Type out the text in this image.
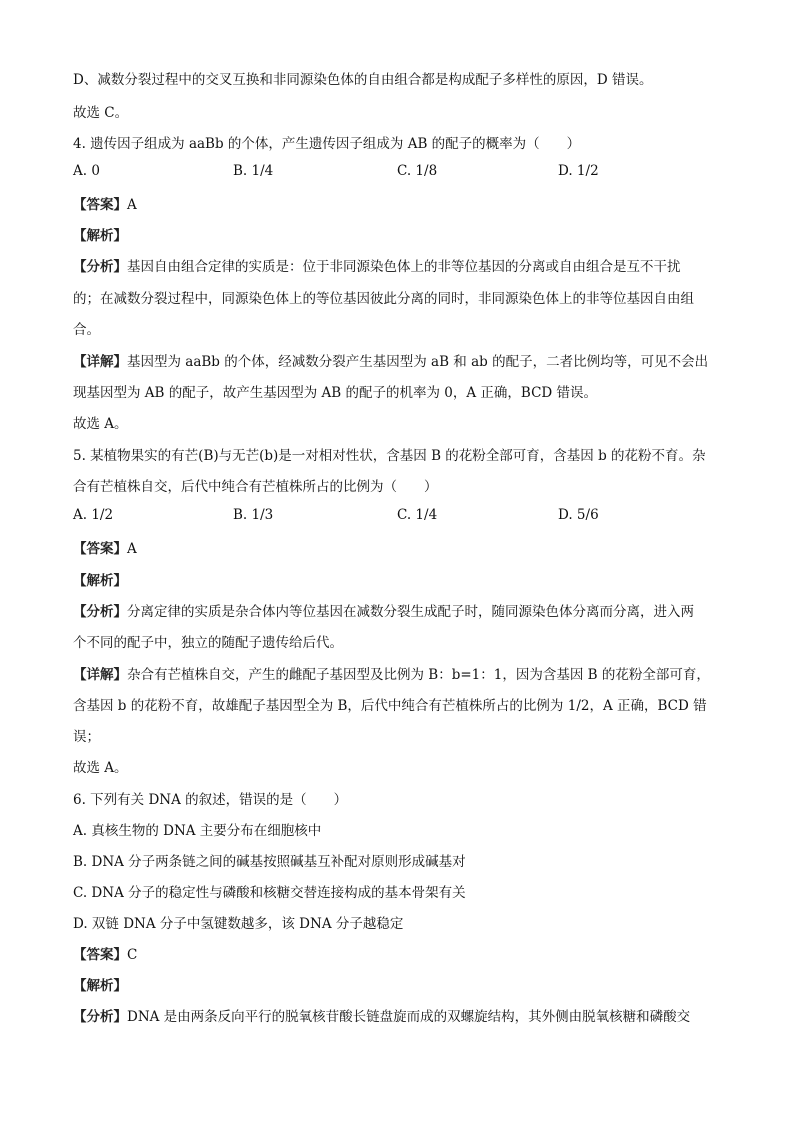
D、减数分裂过程中的交叉互换和非同源染色体的自由组合都是构成配子多样性的原因，D 错误。
故选 C。
4. 遗传因子组成为 aaBb 的个体，产生遗传因子组成为 AB 的配子的概率为（　　）
A. 0	B. 1/4	C. 1/8	D. 1/2
【答案】A
【解析】
【分析】基因自由组合定律的实质是：位于非同源染色体上的非等位基因的分离或自由组合是互不干扰
的；在减数分裂过程中，同源染色体上的等位基因彼此分离的同时，非同源染色体上的非等位基因自由组
合。
【详解】基因型为 aaBb 的个体，经减数分裂产生基因型为 aB 和 ab 的配子，二者比例均等，可见不会出
现基因型为 AB 的配子，故产生基因型为 AB 的配子的机率为 0，A 正确，BCD 错误。
故选 A。
5. 某植物果实的有芒(B)与无芒(b)是一对相对性状，含基因 B 的花粉全部可育，含基因 b 的花粉不育。杂
合有芒植株自交，后代中纯合有芒植株所占的比例为（　　）
A. 1/2	B. 1/3	C. 1/4	D. 5/6
【答案】A
【解析】
【分析】分离定律的实质是杂合体内等位基因在减数分裂生成配子时，随同源染色体分离而分离，进入两
个不同的配子中，独立的随配子遗传给后代。
【详解】杂合有芒植株自交，产生的雌配子基因型及比例为 B：b=1：1，因为含基因 B 的花粉全部可育，
含基因 b 的花粉不育，故雄配子基因型全为 B，后代中纯合有芒植株所占的比例为 1/2，A 正确，BCD 错
误；
故选 A。
6. 下列有关 DNA 的叙述，错误的是（　　）
A. 真核生物的 DNA 主要分布在细胞核中
B. DNA 分子两条链之间的碱基按照碱基互补配对原则形成碱基对
C. DNA 分子的稳定性与磷酸和核糖交替连接构成的基本骨架有关
D. 双链 DNA 分子中氢键数越多，该 DNA 分子越稳定
【答案】C
【解析】
【分析】DNA 是由两条反向平行的脱氧核苷酸长链盘旋而成的双螺旋结构，其外侧由脱氧核糖和磷酸交
